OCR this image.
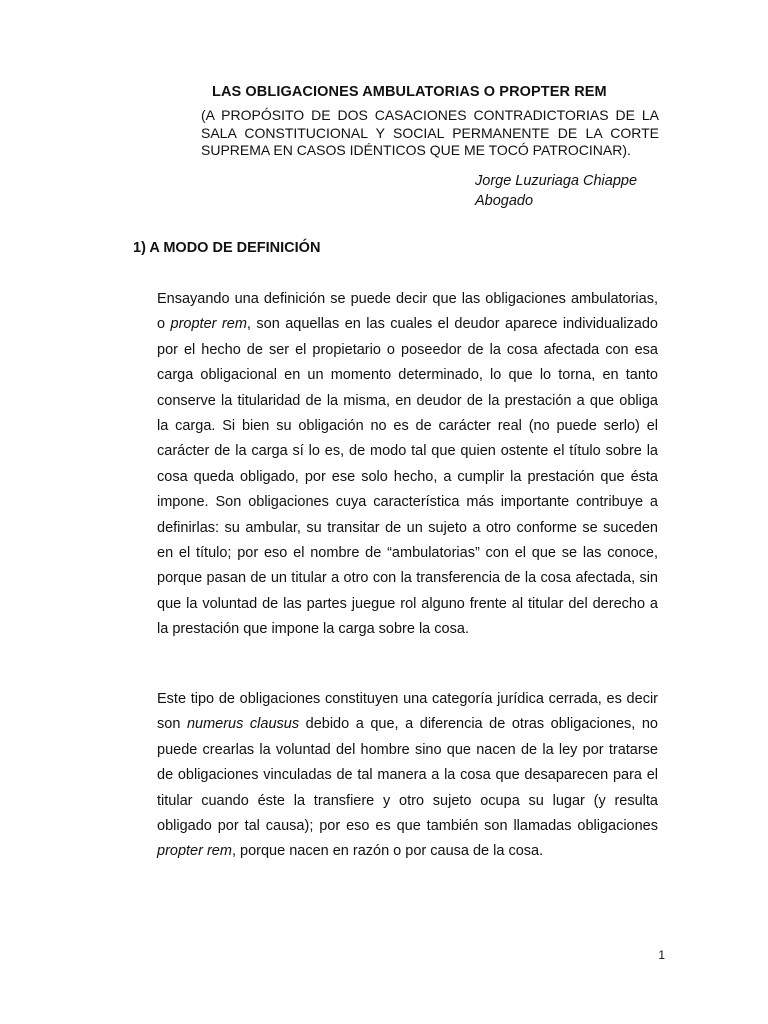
LAS OBLIGACIONES AMBULATORIAS O PROPTER REM
(A PROPÓSITO DE DOS CASACIONES CONTRADICTORIAS DE LA SALA CONSTITUCIONAL Y SOCIAL PERMANENTE DE LA CORTE SUPREMA EN CASOS IDÉNTICOS QUE ME TOCÓ PATROCINAR).
Jorge Luzuriaga Chiappe
Abogado
1) A MODO DE DEFINICIÓN

Ensayando una definición se puede decir que las obligaciones ambulatorias, o propter rem, son aquellas en las cuales el deudor aparece individualizado por el hecho de ser el propietario o poseedor de la cosa afectada con esa carga obligacional en un momento determinado, lo que lo torna, en tanto conserve la titularidad de la misma, en deudor de la prestación a que obliga la carga. Si bien su obligación no es de carácter real (no puede serlo) el carácter de la carga sí lo es, de modo tal que quien ostente el título sobre la cosa queda obligado, por ese solo hecho, a cumplir la prestación que ésta impone. Son obligaciones cuya característica más importante contribuye a definirlas: su ambular, su transitar de un sujeto a otro conforme se suceden en el título; por eso el nombre de “ambulatorias” con el que se las conoce, porque pasan de un titular a otro con la transferencia de la cosa afectada, sin que la voluntad de las partes juegue rol alguno frente al titular del derecho a la prestación que impone la carga sobre la cosa.

Este tipo de obligaciones constituyen una categoría jurídica cerrada, es decir son numerus clausus debido a que, a diferencia de otras obligaciones, no puede crearlas la voluntad del hombre sino que nacen de la ley por tratarse de obligaciones vinculadas de tal manera a la cosa que desaparecen para el titular cuando éste la transfiere y otro sujeto ocupa su lugar (y resulta obligado por tal causa); por eso es que también son llamadas obligaciones propter rem, porque nacen en razón o por causa de la cosa.

1
